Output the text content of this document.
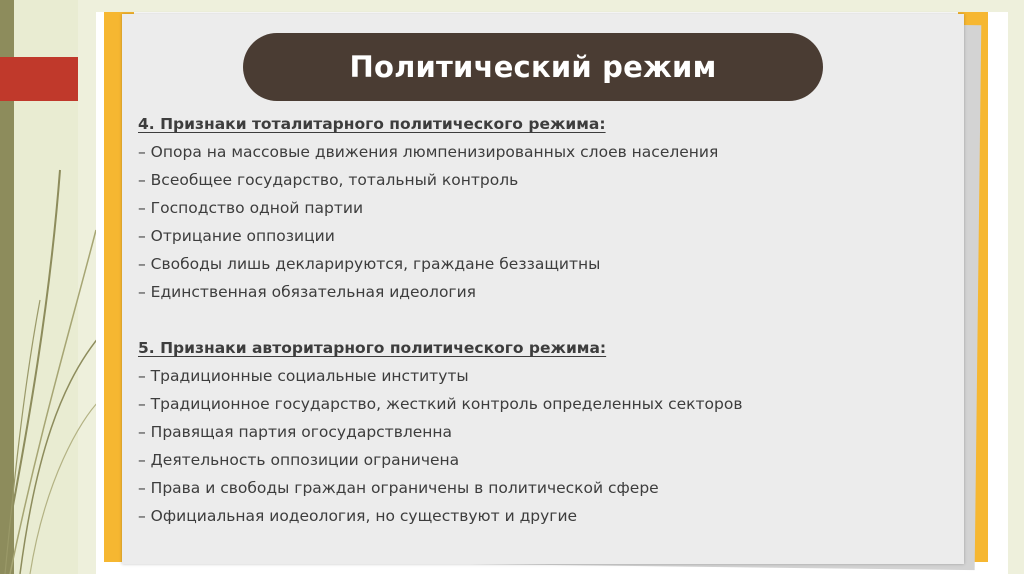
Политический режим
4. Признаки тоталитарного политического режима:
– Опора на массовые движения люмпенизированных слоев населения
– Всеобщее государство, тотальный контроль
– Господство одной партии
– Отрицание оппозиции
– Свободы лишь декларируются, граждане беззащитны
– Единственная обязательная идеология
5. Признаки авторитарного политического режима:
– Традиционные социальные институты
– Традиционное государство, жесткий контроль определенных секторов
– Правящая партия огосударствленна
– Деятельность оппозиции ограничена
– Права и свободы граждан ограничены в политической сфере
– Официальная иодеология, но существуют и другие
